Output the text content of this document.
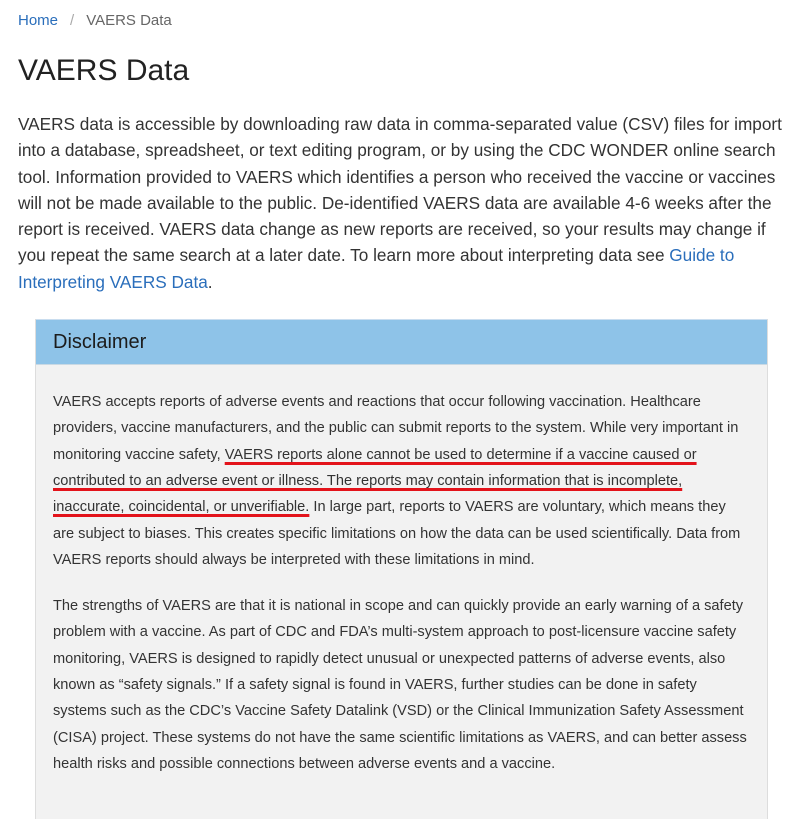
Home / VAERS Data
VAERS Data

VAERS data is accessible by downloading raw data in comma-separated value (CSV) files for import into a database, spreadsheet, or text editing program, or by using the CDC WONDER online search tool. Information provided to VAERS which identifies a person who received the vaccine or vaccines will not be made available to the public. De-identified VAERS data are available 4-6 weeks after the report is received. VAERS data change as new reports are received, so your results may change if you repeat the same search at a later date. To learn more about interpreting data see Guide to Interpreting VAERS Data.

Disclaimer

VAERS accepts reports of adverse events and reactions that occur following vaccination. Healthcare providers, vaccine manufacturers, and the public can submit reports to the system. While very important in monitoring vaccine safety, VAERS reports alone cannot be used to determine if a vaccine caused or contributed to an adverse event or illness. The reports may contain information that is incomplete, inaccurate, coincidental, or unverifiable. In large part, reports to VAERS are voluntary, which means they are subject to biases. This creates specific limitations on how the data can be used scientifically. Data from VAERS reports should always be interpreted with these limitations in mind.

The strengths of VAERS are that it is national in scope and can quickly provide an early warning of a safety problem with a vaccine. As part of CDC and FDA’s multi-system approach to post-licensure vaccine safety monitoring, VAERS is designed to rapidly detect unusual or unexpected patterns of adverse events, also known as “safety signals.” If a safety signal is found in VAERS, further studies can be done in safety systems such as the CDC’s Vaccine Safety Datalink (VSD) or the Clinical Immunization Safety Assessment (CISA) project. These systems do not have the same scientific limitations as VAERS, and can better assess health risks and possible connections between adverse events and a vaccine.
